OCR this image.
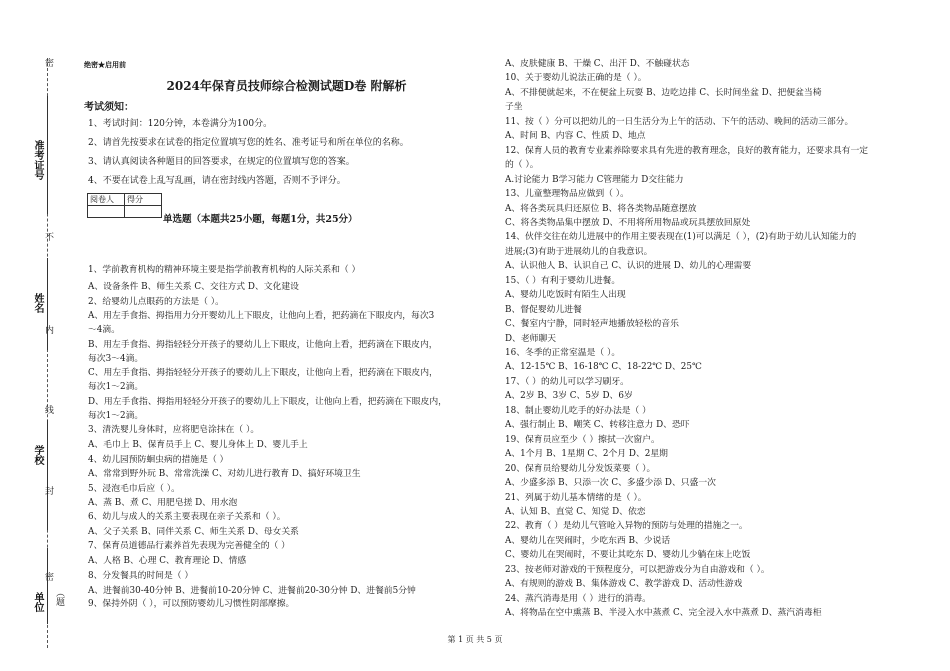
密
准考证号
不
姓名
内
线
学校
封
密
单位 （题
绝密★启用前
2024年保育员技师综合检测试题D卷 附解析
考试须知：
1、考试时间：120分钟，本卷满分为100分。
2、请首先按要求在试卷的指定位置填写您的姓名、准考证号和所在单位的名称。
3、请认真阅读各种题目的回答要求，在规定的位置填写您的答案。
4、不要在试卷上乱写乱画，请在密封线内答题，否则不予评分。
阅卷人	得分

单选题（本题共25小题，每题1分，共25分）
1、学前教育机构的精神环境主要是指学前教育机构的人际关系和（ ）
A、设备条件 B、师生关系 C、交往方式 D、文化建设
2、给婴幼儿点眼药的方法是（ ）。
A、用左手食指、拇指用力分开婴幼儿上下眼皮，让他向上看，把药滴在下眼皮内，每次3
～4滴。
B、用左手食指、拇指轻轻分开孩子的婴幼儿上下眼皮，让他向上看，把药滴在下眼皮内，
每次3～4滴。
C、用左手食指、拇指轻轻分开孩子的婴幼儿上下眼皮，让他向上看，把药滴在下眼皮内，
每次1～2滴。
D、用左手食指、拇指用轻轻分开孩子的婴幼儿上下眼皮，让他向上看，把药滴在下眼皮内，
每次1～2滴。
3、清洗婴儿身体时，应将肥皂涂抹在（ ）。
A、毛巾上 B、保育员手上 C、婴儿身体上 D、婴儿手上
4、幼儿园预防蛔虫病的措施是（ ）
A、常常到野外玩 B、常常洗澡 C、对幼儿进行教育 D、搞好环境卫生
5、浸泡毛巾后应（ ）。
A、蒸 B、煮 C、用肥皂搓 D、用水泡
6、幼儿与成人的关系主要表现在亲子关系和（ ）。
A、父子关系 B、同伴关系 C、师生关系 D、母女关系
7、保育员道德品行素养首先表现为完善健全的（ ）
A、人格 B、心理 C、教育理论 D、情感
8、分发餐具的时间是（ ）
A、进餐前30-40分钟 B、进餐前10-20分钟 C、进餐前20-30分钟 D、进餐前5分钟
9、保持外阴（ ），可以预防婴幼儿习惯性阴部摩擦。
A、皮肤健康 B、干燥 C、出汗 D、不触碰状态
10、关于婴幼儿说法正确的是（ ）。
A、不排便就起来，不在便盆上玩耍 B、边吃边排 C、长时间坐盆 D、把便盆当椅
子坐
11、按（ ）分可以把幼儿的一日生活分为上午的活动、下午的活动、晚间的活动三部分。
A、时间 B、内容 C、性质 D、地点
12、保育人员的教育专业素养除要求具有先进的教育理念，良好的教育能力，还要求具有一定
的（ ）。
A.讨论能力 B学习能力 C管理能力 D交往能力
13、儿童整理物品应做到（ ）。
A、将各类玩具归还原位 B、将各类物品随意摆放
C、将各类物品集中摆放 D、不用将所用物品或玩具摆放回原处
14、伙伴交往在幼儿进展中的作用主要表现在(1)可以满足（ ），(2)有助于幼儿认知能力的
进展;(3)有助于进展幼儿的自我意识。
A、认识他人 B、认识自己 C、认识的进展 D、幼儿的心理需要
15、（ ）有利于婴幼儿进餐。
A、婴幼儿吃饭时有陌生人出现
B、督促婴幼儿进餐
C、餐室内宁静，同时轻声地播放轻松的音乐
D、老师聊天
16、冬季的正常室温是（ ）。
A、12-15℃ B、16-18℃ C、18-22℃ D、25℃
17、（ ）的幼儿可以学习刷牙。
A、2岁 B、3岁 C、5岁 D、6岁
18、制止婴幼儿吃手的好办法是（ ）
A、强行制止 B、嘲笑 C、转移注意力 D、恐吓
19、保育员应至少（ ）擦拭一次窗户。
A、1个月 B、1星期 C、2个月 D、2星期
20、保育员给婴幼儿分发饭菜要（ ）。
A、少盛多添 B、只添一次 C、多盛少添 D、只盛一次
21、列属于幼儿基本情绪的是（ ）。
A、认知 B、直觉 C、知觉 D、依恋
22、教育（ ）是幼儿气管呛入异物的预防与处理的措施之一。
A、婴幼儿在哭闹时，少吃东西 B、少说话
C、婴幼儿在哭闹时，不要让其吃东 D、婴幼儿少躺在床上吃饭
23、按老师对游戏的干预程度分，可以把游戏分为自由游戏和（ ）。
A、有规则的游戏 B、集体游戏 C、教学游戏 D、活动性游戏
24、蒸汽消毒是用（ ）进行的消毒。
A、将物品在空中熏蒸 B、半浸入水中蒸煮 C、完全浸入水中蒸煮 D、蒸汽消毒柜
第 1 页 共 5 页
